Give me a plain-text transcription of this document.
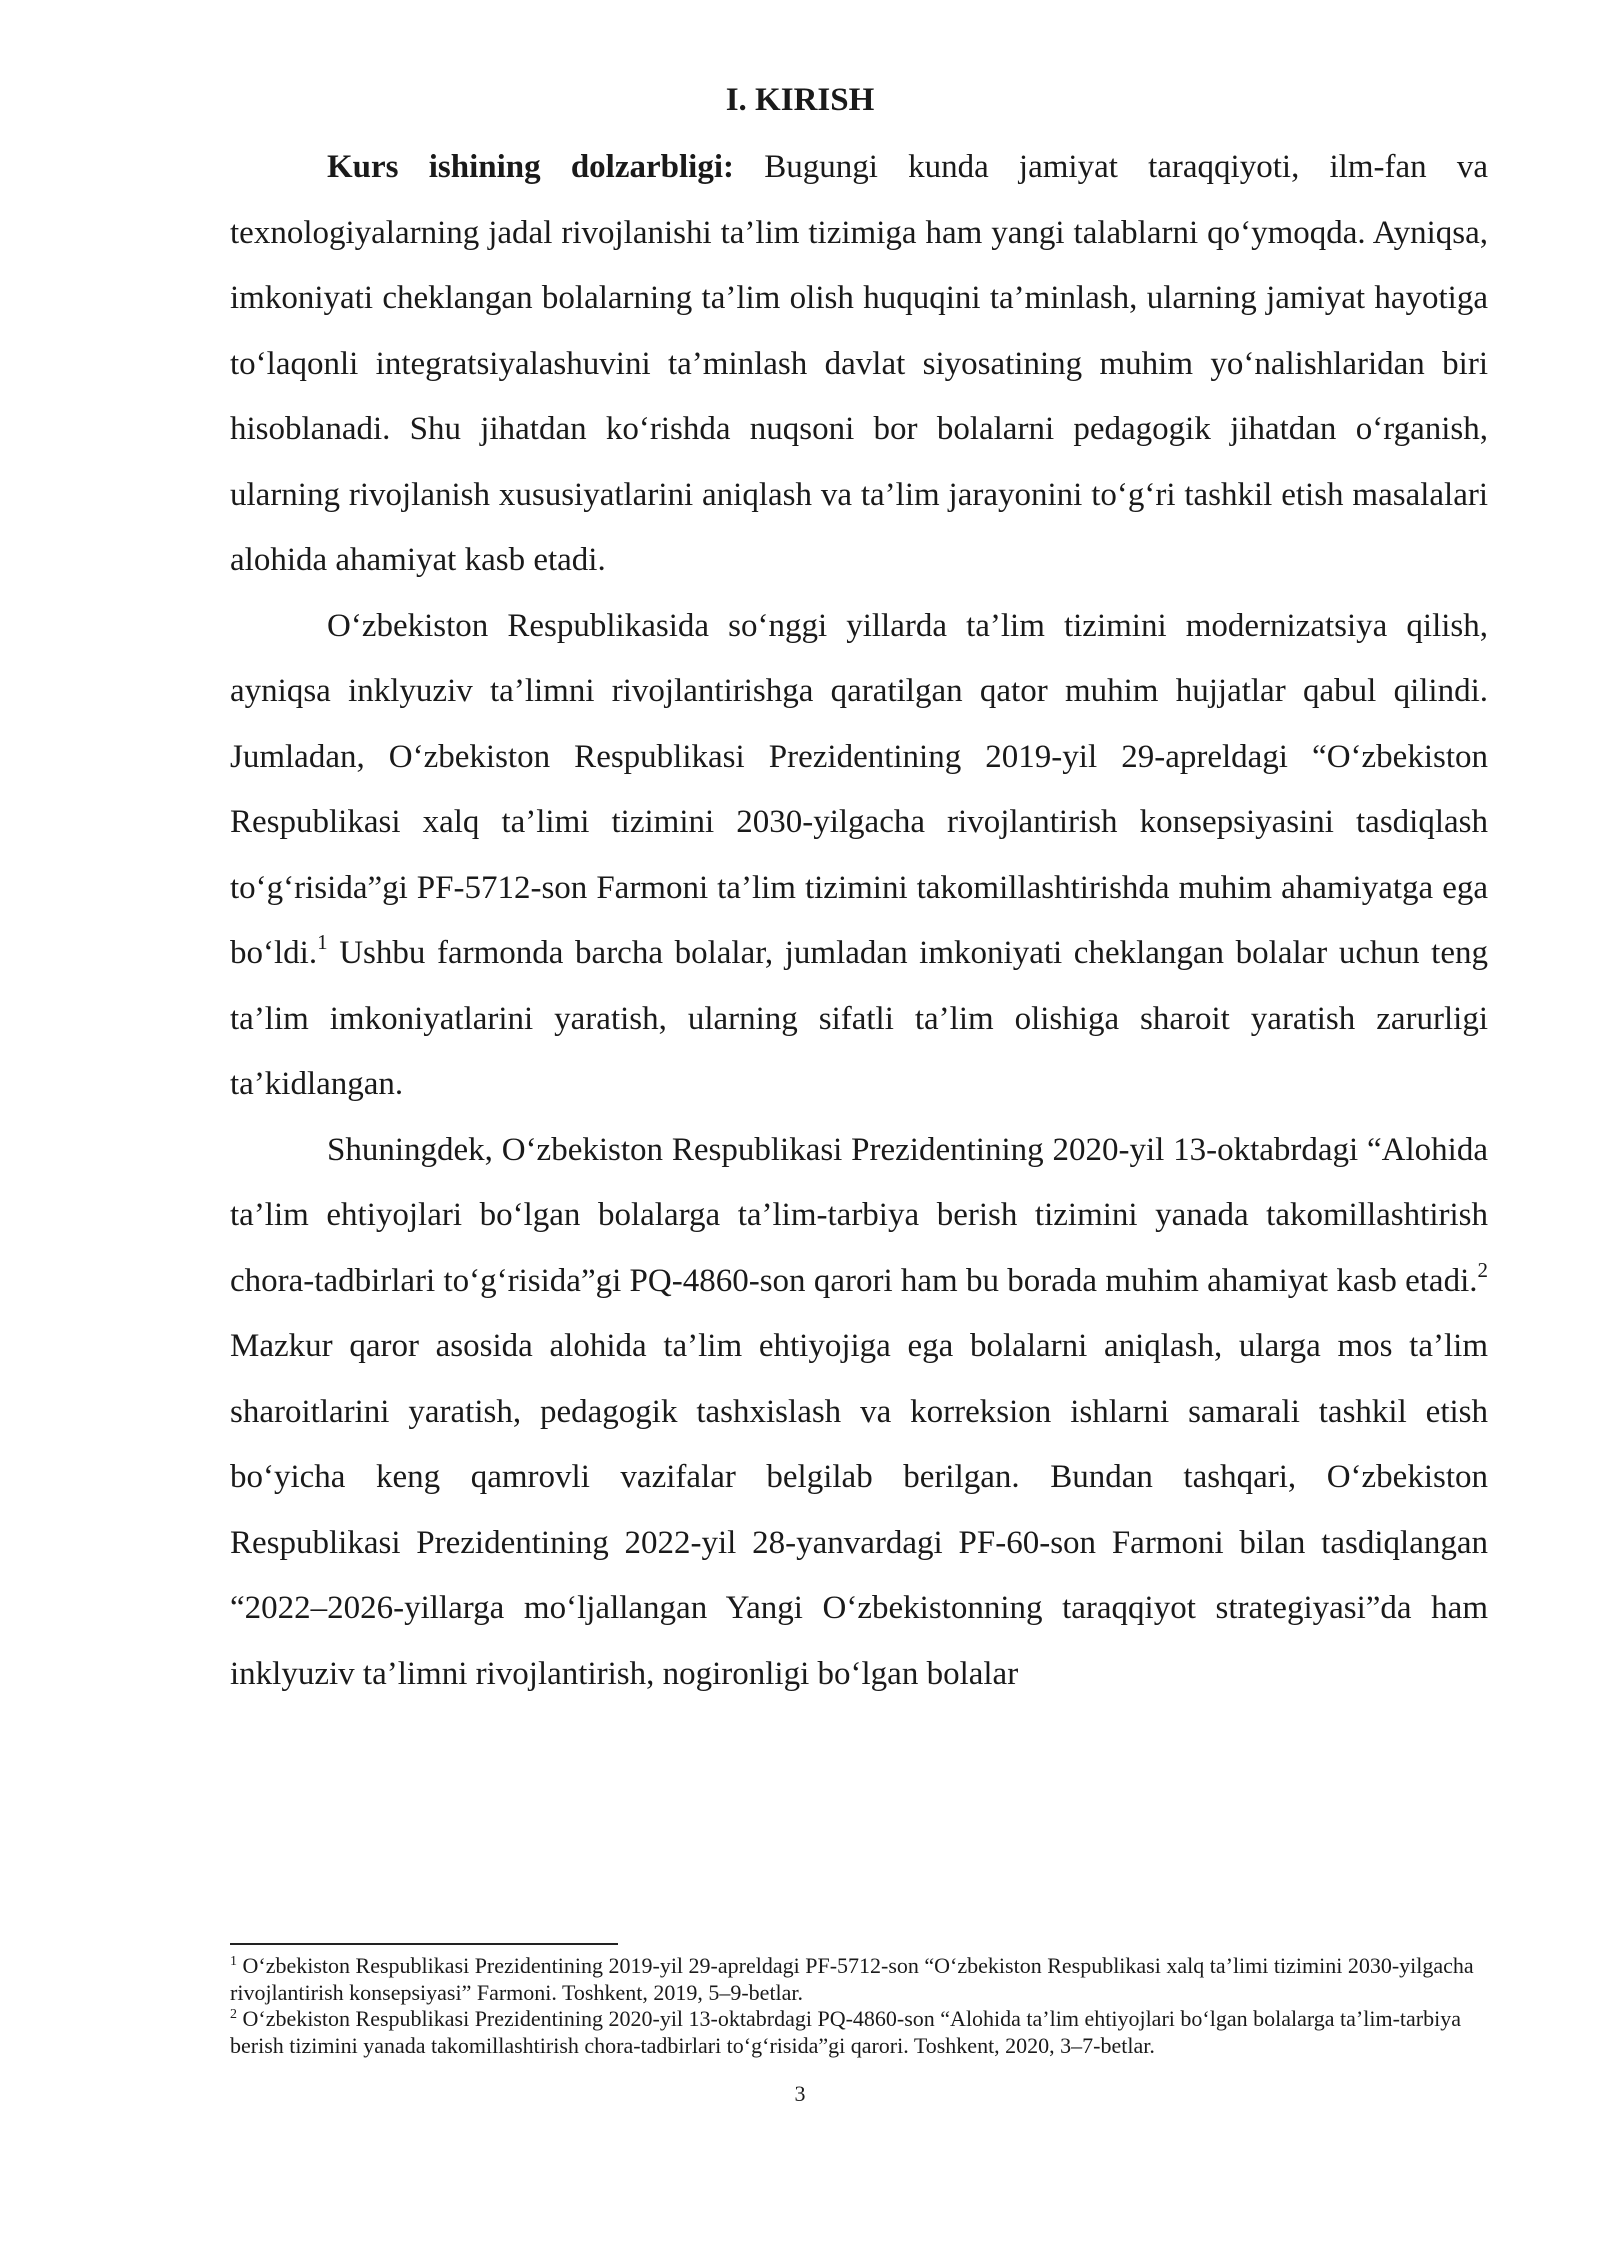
I. KIRISH

Kurs ishining dolzarbligi: Bugungi kunda jamiyat taraqqiyoti, ilm-fan va texnologiyalarning jadal rivojlanishi ta’lim tizimiga ham yangi talablarni qo‘ymoqda. Ayniqsa, imkoniyati cheklangan bolalarning ta’lim olish huquqini ta’minlash, ularning jamiyat hayotiga to‘laqonli integratsiyalashuvini ta’minlash davlat siyosatining muhim yo‘nalishlaridan biri hisoblanadi. Shu jihatdan ko‘rishda nuqsoni bor bolalarni pedagogik jihatdan o‘rganish, ularning rivojlanish xususiyatlarini aniqlash va ta’lim jarayonini to‘g‘ri tashkil etish masalalari alohida ahamiyat kasb etadi.

O‘zbekiston Respublikasida so‘nggi yillarda ta’lim tizimini modernizatsiya qilish, ayniqsa inklyuziv ta’limni rivojlantirishga qaratilgan qator muhim hujjatlar qabul qilindi. Jumladan, O‘zbekiston Respublikasi Prezidentining 2019-yil 29-apreldagi “O‘zbekiston Respublikasi xalq ta’limi tizimini 2030-yilgacha rivojlantirish konsepsiyasini tasdiqlash to‘g‘risida”gi PF-5712-son Farmoni ta’lim tizimini takomillashtirishda muhim ahamiyatga ega bo‘ldi.$^1$ Ushbu farmonda barcha bolalar, jumladan imkoniyati cheklangan bolalar uchun teng ta’lim imkoniyatlarini yaratish, ularning sifatli ta’lim olishiga sharoit yaratish zarurligi ta’kidlangan.

Shuningdek, O‘zbekiston Respublikasi Prezidentining 2020-yil 13-oktabrdagi “Alohida ta’lim ehtiyojlari bo‘lgan bolalarga ta’lim-tarbiya berish tizimini yanada takomillashtirish chora-tadbirlari to‘g‘risida”gi PQ-4860-son qarori ham bu borada muhim ahamiyat kasb etadi.$^2$ Mazkur qaror asosida alohida ta’lim ehtiyojiga ega bolalarni aniqlash, ularga mos ta’lim sharoitlarini yaratish, pedagogik tashxislash va korreksion ishlarni samarali tashkil etish bo‘yicha keng qamrovli vazifalar belgilab berilgan. Bundan tashqari, O‘zbekiston Respublikasi Prezidentining 2022-yil 28-yanvardagi PF-60-son Farmoni bilan tasdiqlangan “2022–2026-yillarga mo‘ljallangan Yangi O‘zbekistonning taraqqiyot strategiyasi”da ham inklyuziv ta’limni rivojlantirish, nogironligi bo‘lgan bolalar

$^1$ O‘zbekiston Respublikasi Prezidentining 2019-yil 29-apreldagi PF-5712-son “O‘zbekiston Respublikasi xalq ta’limi tizimini 2030-yilgacha rivojlantirish konsepsiyasi” Farmoni. Toshkent, 2019, 5–9-betlar.

$^2$ O‘zbekiston Respublikasi Prezidentining 2020-yil 13-oktabrdagi PQ-4860-son “Alohida ta’lim ehtiyojlari bo‘lgan bolalarga ta’lim-tarbiya berish tizimini yanada takomillashtirish chora-tadbirlari to‘g‘risida”gi qarori. Toshkent, 2020, 3–7-betlar.

3
